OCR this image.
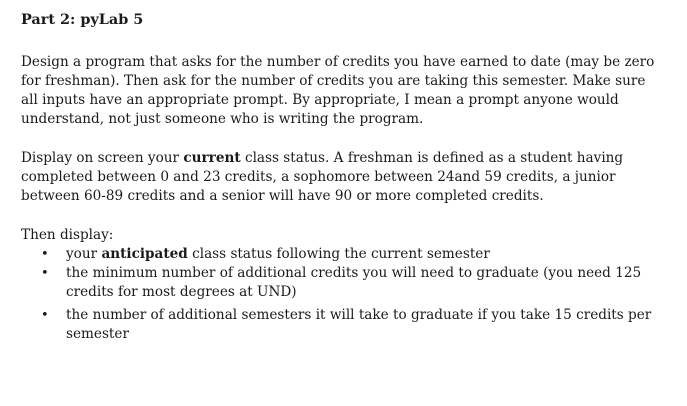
Part 2: pyLab 5

Design a program that asks for the number of credits you have earned to date (may be zero for freshman). Then ask for the number of credits you are taking this semester. Make sure all inputs have an appropriate prompt. By appropriate, I mean a prompt anyone would understand, not just someone who is writing the program.

Display on screen your current class status. A freshman is defined as a student having completed between 0 and 23 credits, a sophomore between 24and 59 credits, a junior between 60-89 credits and a senior will have 90 or more completed credits.

Then display:
• your anticipated class status following the current semester
• the minimum number of additional credits you will need to graduate (you need 125 credits for most degrees at UND)
• the number of additional semesters it will take to graduate if you take 15 credits per semester
